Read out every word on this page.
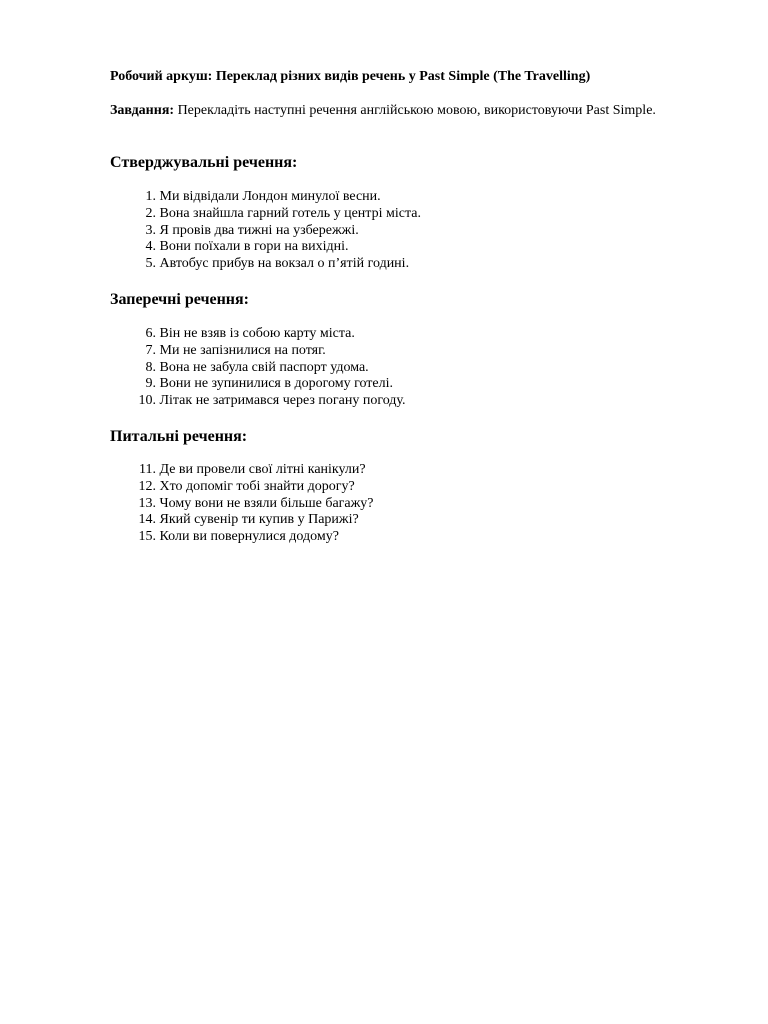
Робочий аркуш: Переклад різних видів речень у Past Simple (The Travelling)
Завдання: Перекладіть наступні речення англійською мовою, використовуючи Past Simple.
Стверджувальні речення:
1. Ми відвідали Лондон минулої весни.
2. Вона знайшла гарний готель у центрі міста.
3. Я провів два тижні на узбережжі.
4. Вони поїхали в гори на вихідні.
5. Автобус прибув на вокзал о п’ятій годині.
Заперечні речення:
6. Він не взяв із собою карту міста.
7. Ми не запізнилися на потяг.
8. Вона не забула свій паспорт удома.
9. Вони не зупинилися в дорогому готелі.
10. Літак не затримався через погану погоду.
Питальні речення:
11. Де ви провели свої літні канікули?
12. Хто допоміг тобі знайти дорогу?
13. Чому вони не взяли більше багажу?
14. Який сувенір ти купив у Парижі?
15. Коли ви повернулися додому?
